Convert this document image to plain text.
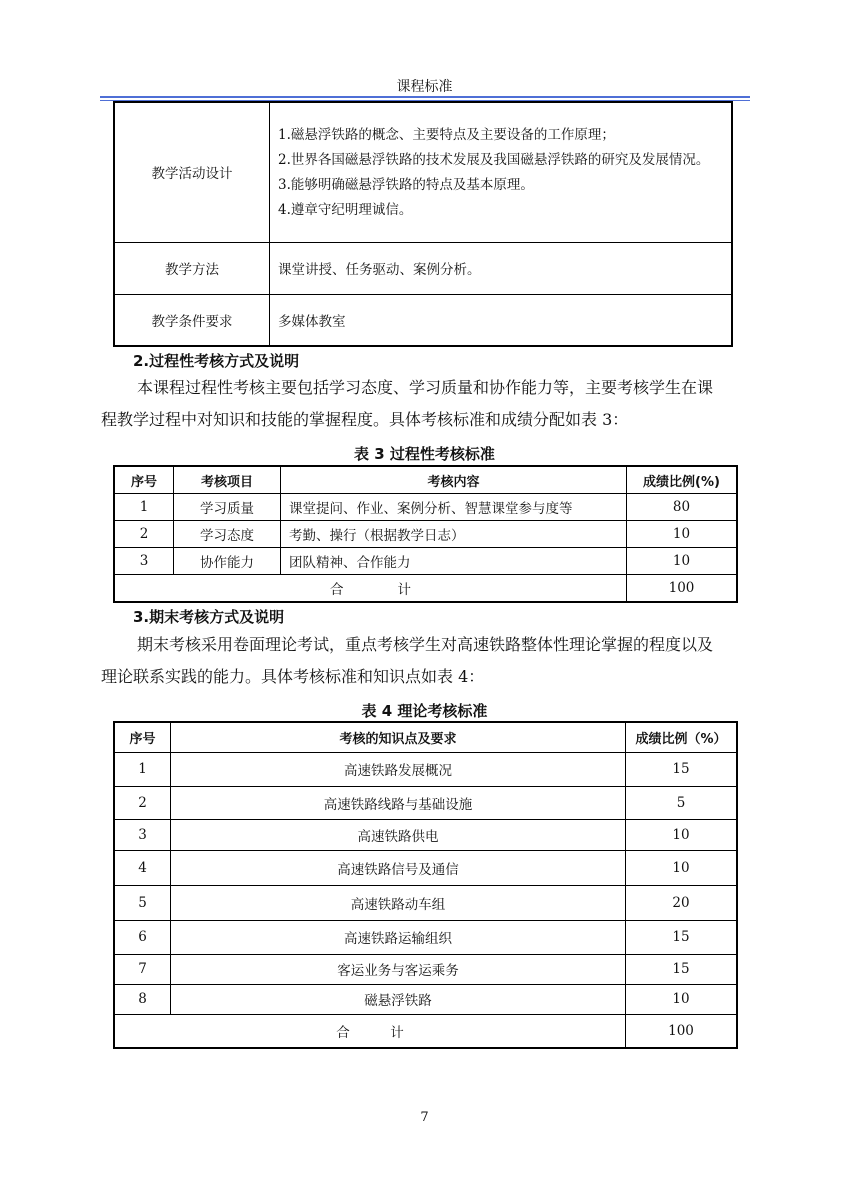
课程标准
教学活动设计	1.磁悬浮铁路的概念、主要特点及主要设备的工作原理；
2.世界各国磁悬浮铁路的技术发展及我国磁悬浮铁路的研究及发展情况。
3.能够明确磁悬浮铁路的特点及基本原理。
4.遵章守纪明理诚信。

教学方法	课堂讲授、任务驱动、案例分析。
教学条件要求	多媒体教室
2.过程性考核方式及说明
本课程过程性考核主要包括学习态度、学习质量和协作能力等，主要考核学生在课
程教学过程中对知识和技能的掌握程度。具体考核标准和成绩分配如表 3：
表 3 过程性考核标准
序号	考核项目	考核内容	成绩比例(%)
1	学习质量	课堂提问、作业、案例分析、智慧课堂参与度等	80
2	学习态度	考勤、操行（根据教学日志）	10
3	协作能力	团队精神、合作能力	10
合　　　　计			100
3.期末考核方式及说明
期末考核采用卷面理论考试，重点考核学生对高速铁路整体性理论掌握的程度以及
理论联系实践的能力。具体考核标准和知识点如表 4：
表 4 理论考核标准
序号	考核的知识点及要求	成绩比例（%）
1	高速铁路发展概况	15
2	高速铁路线路与基础设施	5
3	高速铁路供电	10
4	高速铁路信号及通信	10
5	高速铁路动车组	20
6	高速铁路运输组织	15
7	客运业务与客运乘务	15
8	磁悬浮铁路	10
合　　　计		100
7
